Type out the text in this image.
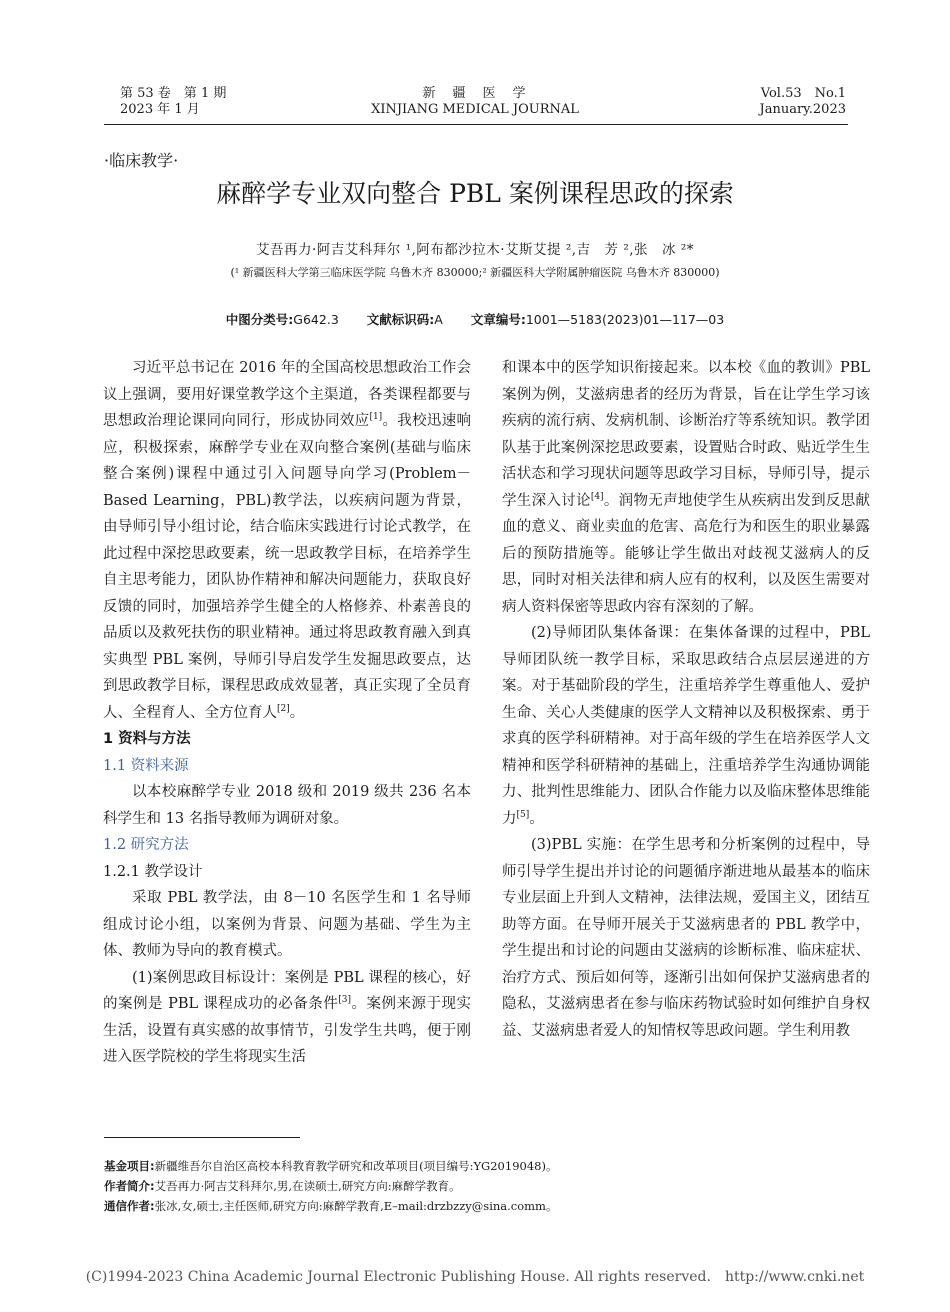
第 53 卷　第 1 期
2023 年 1 月
新　疆　医　学
XINJIANG MEDICAL JOURNAL
Vol.53　No.1
January.2023
·临床教学·
麻醉学专业双向整合 PBL 案例课程思政的探索
艾吾再力·阿吉艾科拜尔 ¹,阿布都沙拉木·艾斯艾提 ²,吉　芳 ²,张　冰 ²*
(¹ 新疆医科大学第三临床医学院 乌鲁木齐 830000;² 新疆医科大学附属肿瘤医院 乌鲁木齐 830000)
中图分类号:G642.3 文献标识码:A 文章编号:1001—5183(2023)01—117—03

习近平总书记在 2016 年的全国高校思想政治工作会议上强调，要用好课堂教学这个主渠道，各类课程都要与思想政治理论课同向同行，形成协同效应[1]。我校迅速响应，积极探索，麻醉学专业在双向整合案例(基础与临床整合案例)课程中通过引入问题导向学习(Problem－Based Learning，PBL)教学法，以疾病问题为背景，由导师引导小组讨论，结合临床实践进行讨论式教学，在此过程中深挖思政要素，统一思政教学目标，在培养学生自主思考能力，团队协作精神和解决问题能力，获取良好反馈的同时，加强培养学生健全的人格修养、朴素善良的品质以及救死扶伤的职业精神。通过将思政教育融入到真实典型 PBL 案例，导师引导启发学生发掘思政要点，达到思政教学目标，课程思政成效显著，真正实现了全员育人、全程育人、全方位育人[2]。

1 资料与方法

1.1 资料来源

以本校麻醉学专业 2018 级和 2019 级共 236 名本科学生和 13 名指导教师为调研对象。

1.2 研究方法

1.2.1 教学设计

采取 PBL 教学法，由 8－10 名医学生和 1 名导师组成讨论小组，以案例为背景、问题为基础、学生为主体、教师为导向的教育模式。

(1)案例思政目标设计：案例是 PBL 课程的核心，好的案例是 PBL 课程成功的必备条件[3]。案例来源于现实生活，设置有真实感的故事情节，引发学生共鸣，便于刚进入医学院校的学生将现实生活

和课本中的医学知识衔接起来。以本校《血的教训》PBL 案例为例，艾滋病患者的经历为背景，旨在让学生学习该疾病的流行病、发病机制、诊断治疗等系统知识。教学团队基于此案例深挖思政要素，设置贴合时政、贴近学生生活状态和学习现状问题等思政学习目标，导师引导，提示学生深入讨论[4]。润物无声地使学生从疾病出发到反思献血的意义、商业卖血的危害、高危行为和医生的职业暴露后的预防措施等。能够让学生做出对歧视艾滋病人的反思，同时对相关法律和病人应有的权利，以及医生需要对病人资料保密等思政内容有深刻的了解。

(2)导师团队集体备课：在集体备课的过程中，PBL 导师团队统一教学目标，采取思政结合点层层递进的方案。对于基础阶段的学生，注重培养学生尊重他人、爱护生命、关心人类健康的医学人文精神以及积极探索、勇于求真的医学科研精神。对于高年级的学生在培养医学人文精神和医学科研精神的基础上，注重培养学生沟通协调能力、批判性思维能力、团队合作能力以及临床整体思维能力[5]。

(3)PBL 实施：在学生思考和分析案例的过程中，导师引导学生提出并讨论的问题循序渐进地从最基本的临床专业层面上升到人文精神，法律法规，爱国主义，团结互助等方面。在导师开展关于艾滋病患者的 PBL 教学中，学生提出和讨论的问题由艾滋病的诊断标准、临床症状、治疗方式、预后如何等，逐渐引出如何保护艾滋病患者的隐私，艾滋病患者在参与临床药物试验时如何维护自身权益、艾滋病患者爱人的知情权等思政问题。学生利用教

基金项目:新疆维吾尔自治区高校本科教育教学研究和改革项目(项目编号:YG2019048)。
作者简介:艾吾再力·阿吉艾科拜尔,男,在读硕士,研究方向:麻醉学教育。
通信作者:张冰,女,硕士,主任医师,研究方向:麻醉学教育,E–mail:drzbzzy@sina.comm。
(C)1994-2023 China Academic Journal Electronic Publishing House. All rights reserved.　http://www.cnki.net
